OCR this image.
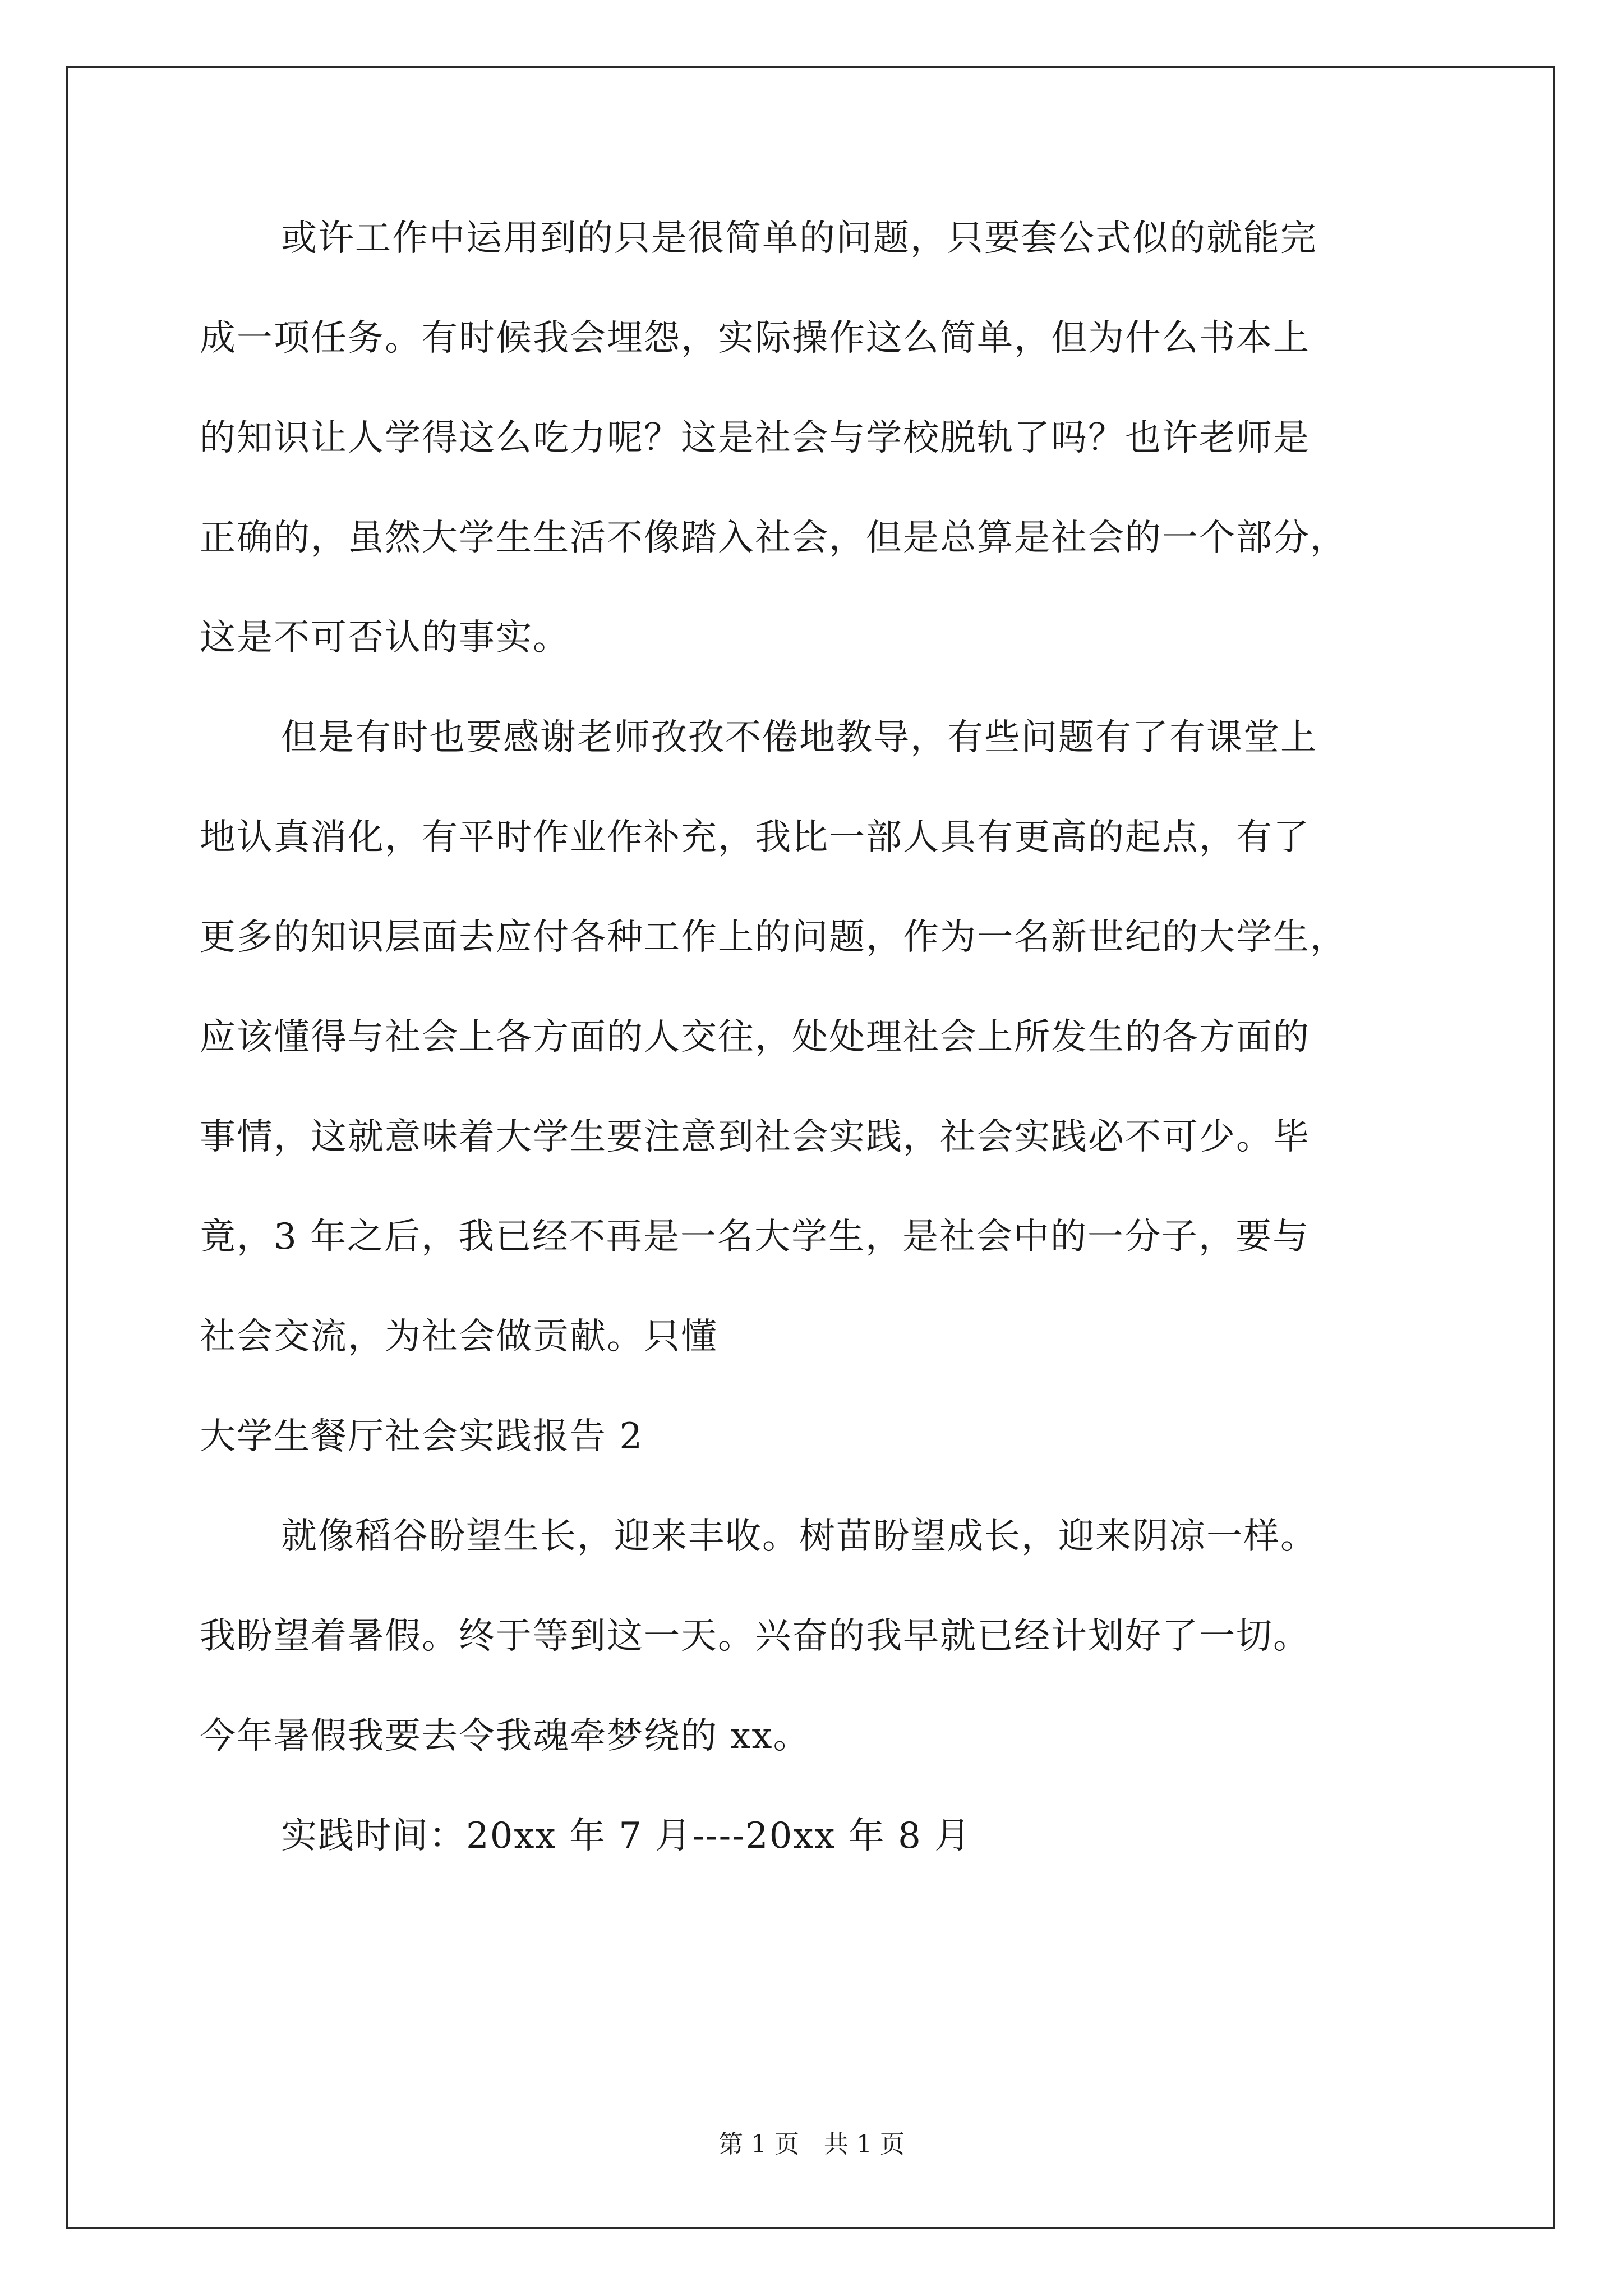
或许工作中运用到的只是很简单的问题，只要套公式似的就能完
成一项任务。有时候我会埋怨，实际操作这么简单，但为什么书本上
的知识让人学得这么吃力呢？这是社会与学校脱轨了吗？也许老师是
正确的，虽然大学生生活不像踏入社会，但是总算是社会的一个部分，
这是不可否认的事实。
但是有时也要感谢老师孜孜不倦地教导，有些问题有了有课堂上
地认真消化，有平时作业作补充，我比一部人具有更高的起点，有了
更多的知识层面去应付各种工作上的问题，作为一名新世纪的大学生，
应该懂得与社会上各方面的人交往，处处理社会上所发生的各方面的
事情，这就意味着大学生要注意到社会实践，社会实践必不可少。毕
竟，3 年之后，我已经不再是一名大学生，是社会中的一分子，要与
社会交流，为社会做贡献。只懂
大学生餐厅社会实践报告 2
就像稻谷盼望生长，迎来丰收。树苗盼望成长，迎来阴凉一样。
我盼望着暑假。终于等到这一天。兴奋的我早就已经计划好了一切。
今年暑假我要去令我魂牵梦绕的 xx。
实践时间：20xx 年 7 月----20xx 年 8 月
第 1 页　共 1 页
